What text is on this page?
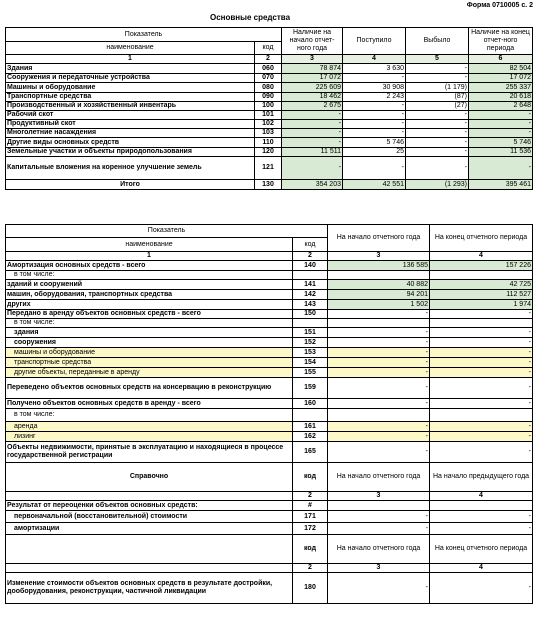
Форма 0710005 с. 2
Основные средства
Показатель		Наличие на начало отчет-ного года	Поступило	Выбыло	Наличие на конец отчет-ного периода
наименование	код				
1	2	3	4	5	6
Здания	060	78 874	3 630	-	82 504
Сооружения и передаточные устройства	070	17 072	-	-	17 072
Машины и оборудование	080	225 609	30 908	(1 179)	255 337
Транспортные средства	090	18 462	2 243	(87)	20 618
Производственный и хозяйственный инвентарь	100	2 675	-	(27)	2 648
Рабочий скот	101	-	-	-	-
Продуктивный скот	102	-	-	-	-
Многолетние насаждения	103	-	-	-	-
Другие виды основных средств	110	-	5 746	-	5 746
Земельные участки и объекты природопользования	120	11 511	25	-	11 536
Капитальные вложения на коренное улучшение земель	121	-	-	-	-
Итого	130	354 203	42 551	(1 293)	395 461
Показатель		На начало отчетного года	На конец отчетного периода
наименование	код		
1	2	3	4
Амортизация основных средств - всего	140	136 585	157 226
в том числе:			
зданий и сооружений	141	40 882	42 725
машин, оборудования, транспортных средства	142	94 201	112 527
других	143	1 502	1 974
Передано в аренду объектов основных средств - всего	150	-	-
в том числе:			
здания	151	-	-
сооружения	152	-	-
машины и оборудование	153	-	-
транспортные средства	154	-	-
другие объекты, переданные в аренду	155	-	-
Переведено объектов основных средств на консервацию в реконструкцию	159	-	-
Получено объектов основных средств в аренду - всего	160	-	-
в том числе:			
аренда	161	-	-
лизинг	162	-	-
Объекты недвижимости, принятые в эксплуатацию и находящиеся в процессе государственной регистрации	165	-	-
Справочно	код	На начало отчетного года	На начало предыдущего года
	2	3	4
Результат от переоценки объектов основных средств:	#		
первоначальной (восстановительной) стоимости	171	-	-
амортизации	172	-	-
	код	На начало отчетного года	На конец отчетного периода
	2	3	4
Изменение стоимости объектов основных средств в результате достройки, дооборудования, реконструкции, частичной ликвидации	180	-	-
